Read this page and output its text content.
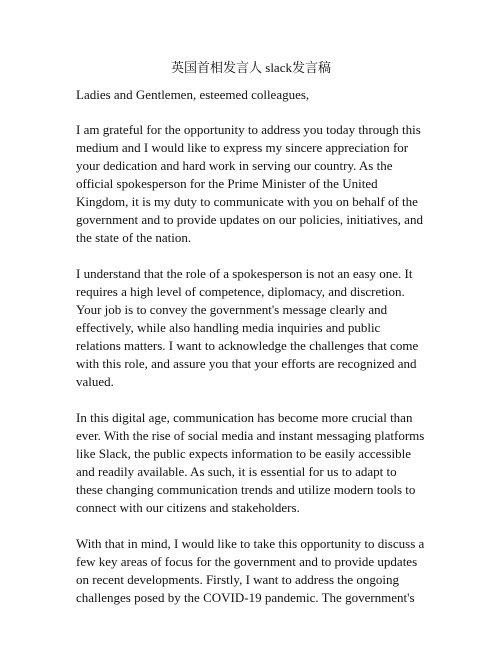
英国首相发言人 slack发言稿

Ladies and Gentlemen, esteemed colleagues,

I am grateful for the opportunity to address you today through this
medium and I would like to express my sincere appreciation for
your dedication and hard work in serving our country. As the
official spokesperson for the Prime Minister of the United
Kingdom, it is my duty to communicate with you on behalf of the
government and to provide updates on our policies, initiatives, and
the state of the nation.

I understand that the role of a spokesperson is not an easy one. It
requires a high level of competence, diplomacy, and discretion.
Your job is to convey the government's message clearly and
effectively, while also handling media inquiries and public
relations matters. I want to acknowledge the challenges that come
with this role, and assure you that your efforts are recognized and
valued.

In this digital age, communication has become more crucial than
ever. With the rise of social media and instant messaging platforms
like Slack, the public expects information to be easily accessible
and readily available. As such, it is essential for us to adapt to
these changing communication trends and utilize modern tools to
connect with our citizens and stakeholders.

With that in mind, I would like to take this opportunity to discuss a
few key areas of focus for the government and to provide updates
on recent developments. Firstly, I want to address the ongoing
challenges posed by the COVID-19 pandemic. The government's
